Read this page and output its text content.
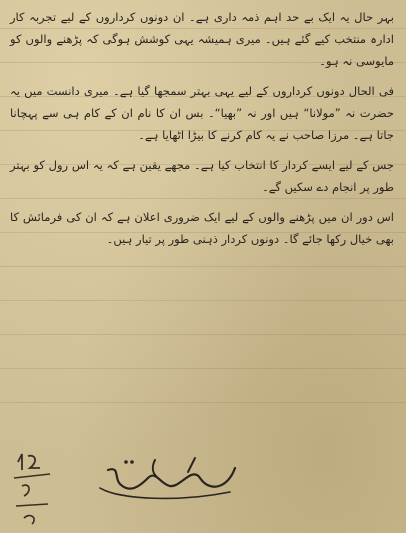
بہر حال یہ ایک بے حد اہم ذمہ داری ہے۔ ان دونوں کرداروں کے لیے تجربہ کار ادارہ منتخب کیے گئے ہیں۔ میری ہمیشہ یہی کوشش ہوگی کہ پڑھنے والوں کو مایوسی نہ ہو۔

فی الحال دونوں کرداروں کے لیے یہی بہتر سمجھا گیا ہے۔ میری دانست میں یہ حضرت نہ ”مولانا“ ہیں اور نہ ”بھیا“۔ بس ان کا نام ان کے کام ہی سے پہچانا جاتا ہے۔ مرزا صاحب نے یہ کام کرنے کا بیڑا اٹھایا ہے۔

جس کے لیے ایسے کردار کا انتخاب کیا ہے۔ مجھے یقین ہے کہ یہ اس رول کو بہتر طور پر انجام دے سکیں گے۔

اس دور ان میں پڑھنے والوں کے لیے ایک ضروری اعلان ہے کہ ان کی فرمائش کا بھی خیال رکھا جائے گا۔ دونوں کردار ذہنی طور پر تیار ہیں۔
